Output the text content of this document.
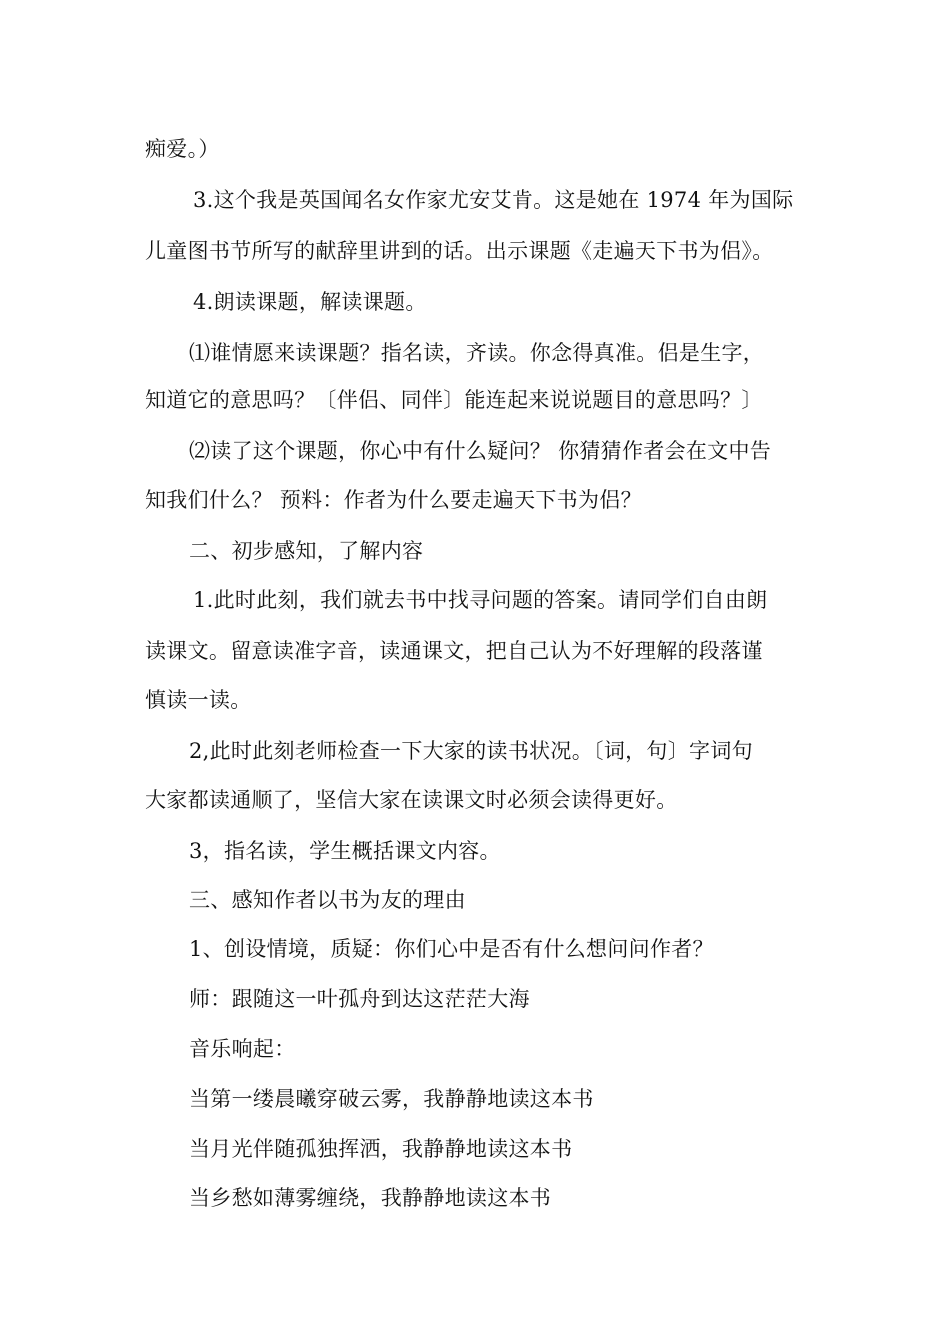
痴爱。）
3.这个我是英国闻名女作家尤安艾肯。这是她在 1974 年为国际
儿童图书节所写的献辞里讲到的话。出示课题《走遍天下书为侣》。
4.朗读课题，解读课题。
⑴谁情愿来读课题？指名读，齐读。你念得真准。侣是生字，
知道它的意思吗？〔伴侣、同伴〕能连起来说说题目的意思吗？〕
⑵读了这个课题，你心中有什么疑问？ 你猜猜作者会在文中告
知我们什么？ 预料：作者为什么要走遍天下书为侣？
二、初步感知，了解内容
1.此时此刻，我们就去书中找寻问题的答案。请同学们自由朗
读课文。留意读准字音，读通课文，把自己认为不好理解的段落谨
慎读一读。
2,此时此刻老师检查一下大家的读书状况。〔词，句〕字词句
大家都读通顺了，坚信大家在读课文时必须会读得更好。
3，指名读，学生概括课文内容。
三、感知作者以书为友的理由
1、创设情境，质疑：你们心中是否有什么想问问作者？
师：跟随这一叶孤舟到达这茫茫大海
音乐响起：
当第一缕晨曦穿破云雾，我静静地读这本书
当月光伴随孤独挥洒，我静静地读这本书
当乡愁如薄雾缠绕，我静静地读这本书
